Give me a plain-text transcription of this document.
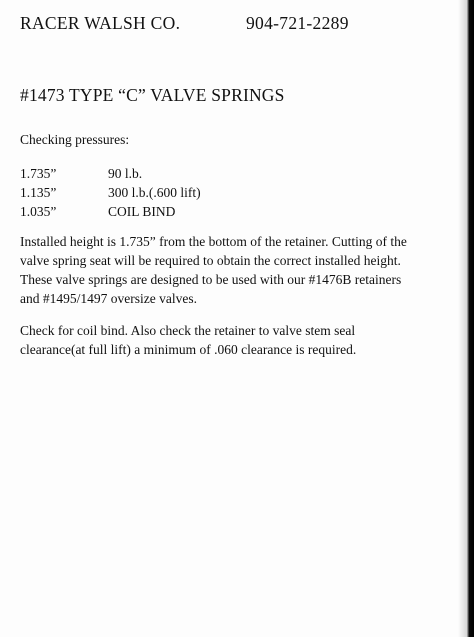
RACER WALSH CO.	904-721-2289
#1473 TYPE “C” VALVE SPRINGS
Checking pressures:
1.735”	90 l.b.
1.135”	300 l.b.(.600 lift)
1.035”	COIL BIND
Installed height is 1.735” from the bottom of the retainer. Cutting of the
valve spring seat will be required to obtain the correct installed height.
These valve springs are designed to be used with our #1476B retainers
and #1495/1497 oversize valves.
Check for coil bind. Also check the retainer to valve stem seal
clearance(at full lift) a minimum of .060 clearance is required.
